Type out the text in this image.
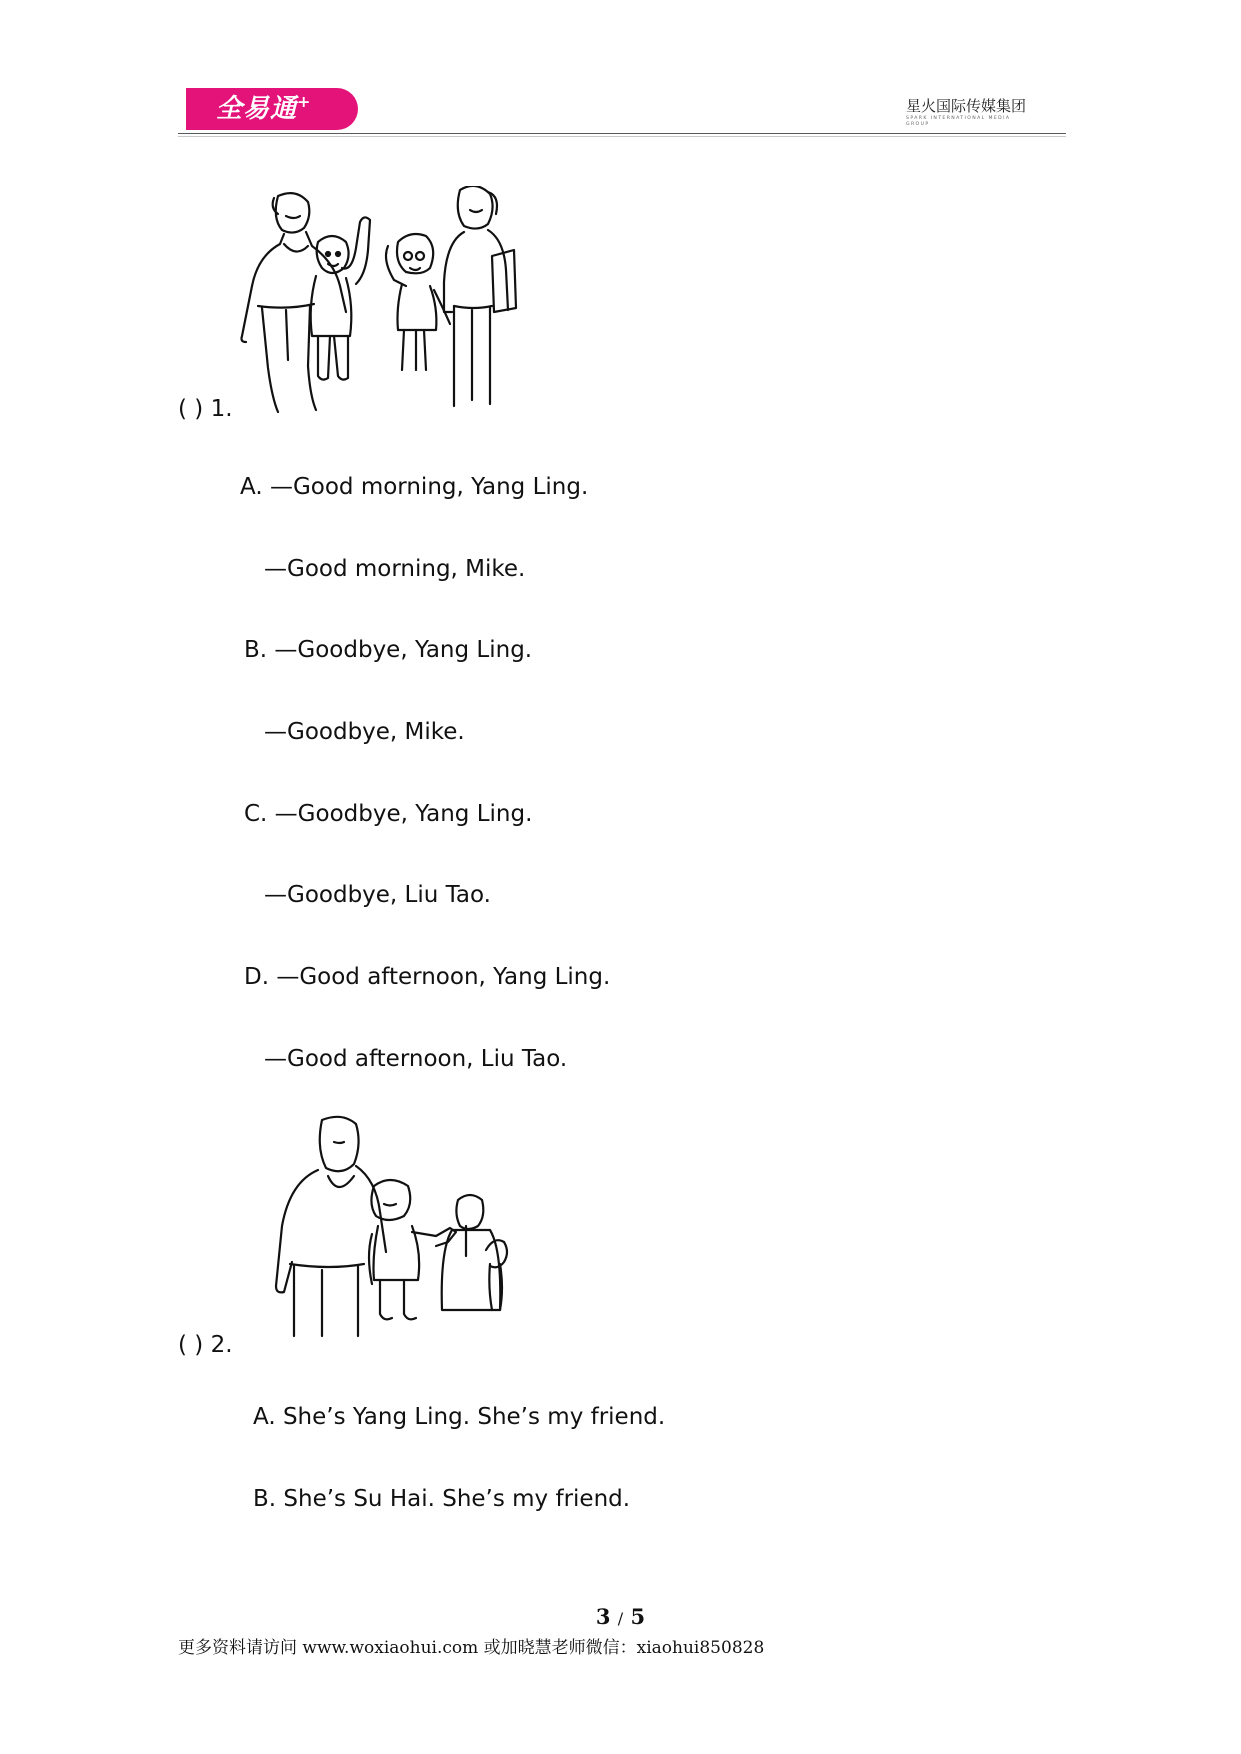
全易通+	星火国际传媒集团
SPARK INTERNATIONAL MEDIA GROUP
( ) 1.
A. —Good morning, Yang Ling.
—Good morning, Mike.
B. —Goodbye, Yang Ling.
—Goodbye, Mike.
C. —Goodbye, Yang Ling.
—Goodbye, Liu Tao.
D. —Good afternoon, Yang Ling.
—Good afternoon, Liu Tao.
( ) 2.
A. She’s Yang Ling. She’s my friend.
B. She’s Su Hai. She’s my friend.
3 / 5
更多资料请访问 www.woxiaohui.com 或加晓慧老师微信：xiaohui850828
